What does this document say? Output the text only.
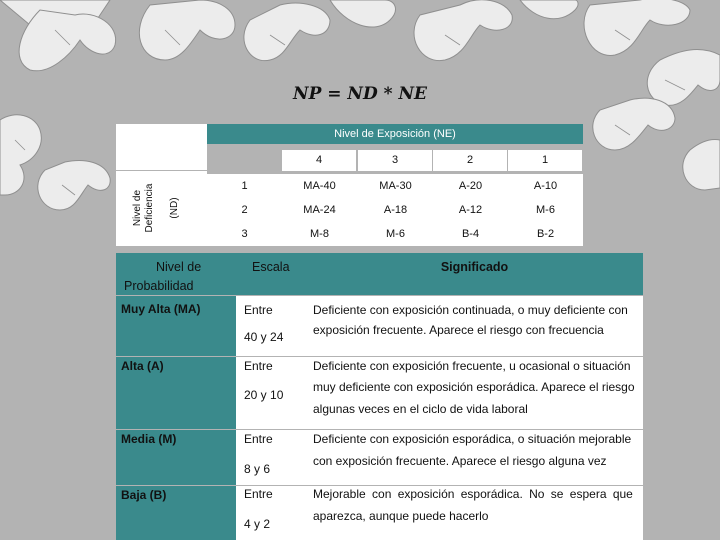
NP = ND * NE
Nivel de Deficiencia (ND)
Nivel de Exposición (NE)
4	3	2	1
1	MA-40	MA-30	A-20	A-10
2	MA-24	A-18	A-12	M-6
3	M-8	M-6	B-4	B-2
Nivel de
Probabilidad
Escala	Significado
Muy Alta (MA)	Entre
40 y 24
Deficiente con exposición continuada, o muy deficiente con
exposición frecuente. Aparece el riesgo con frecuencia
Alta (A)	Entre
20 y 10
Deficiente con exposición frecuente, u ocasional o situación
muy deficiente con exposición esporádica. Aparece el riesgo
algunas veces en el ciclo de vida laboral
Media (M)	Entre
8 y 6
Deficiente con exposición esporádica, o situación mejorable
con exposición frecuente. Aparece el riesgo alguna vez
Baja (B)	Entre
4 y 2
Mejorable con exposición esporádica. No se espera que
aparezca, aunque puede hacerlo
